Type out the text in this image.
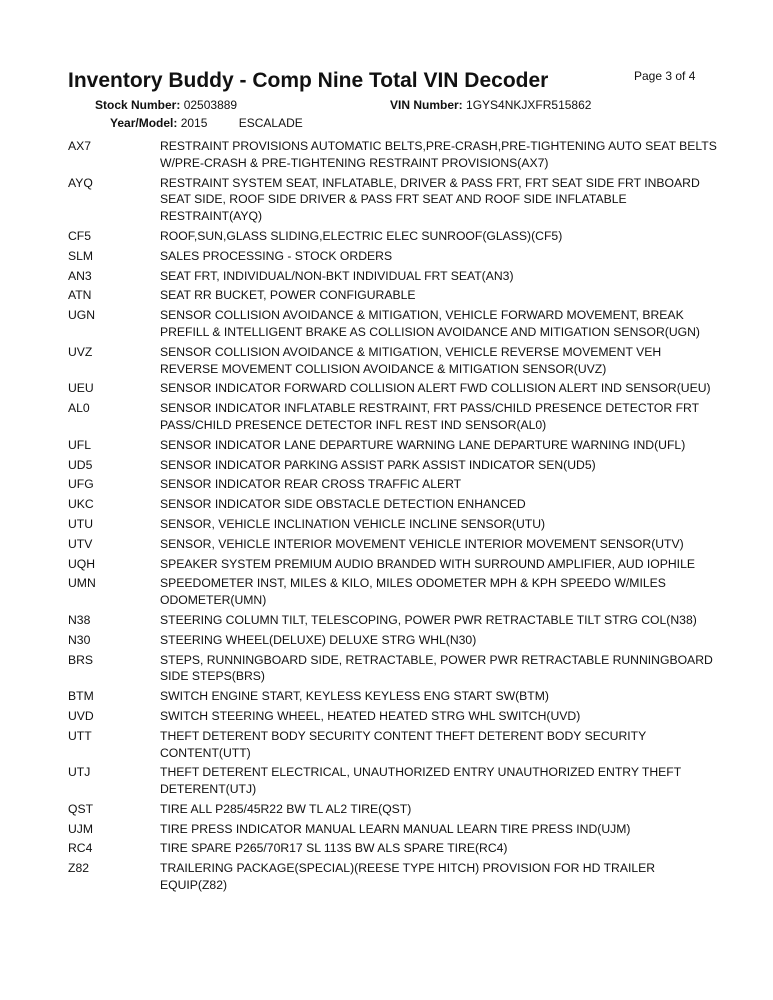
Inventory Buddy - Comp Nine Total VIN Decoder	Page 3 of 4
Stock Number: 02503889	VIN Number: 1GYS4NKJXFR515862
Year/Model: 2015	ESCALADE
AX7	RESTRAINT PROVISIONS AUTOMATIC BELTS,PRE-CRASH,PRE-TIGHTENING AUTO SEAT BELTS W/PRE-CRASH & PRE-TIGHTENING RESTRAINT PROVISIONS(AX7)
AYQ	RESTRAINT SYSTEM SEAT, INFLATABLE, DRIVER & PASS FRT, FRT SEAT SIDE FRT INBOARD SEAT SIDE, ROOF SIDE DRIVER & PASS FRT SEAT AND ROOF SIDE INFLATABLE RESTRAINT(AYQ)
CF5	ROOF,SUN,GLASS SLIDING,ELECTRIC ELEC SUNROOF(GLASS)(CF5)
SLM	SALES PROCESSING - STOCK ORDERS
AN3	SEAT FRT, INDIVIDUAL/NON-BKT INDIVIDUAL FRT SEAT(AN3)
ATN	SEAT RR BUCKET, POWER CONFIGURABLE
UGN	SENSOR COLLISION AVOIDANCE & MITIGATION, VEHICLE FORWARD MOVEMENT, BREAK PREFILL & INTELLIGENT BRAKE AS COLLISION AVOIDANCE AND MITIGATION SENSOR(UGN)
UVZ	SENSOR COLLISION AVOIDANCE & MITIGATION, VEHICLE REVERSE MOVEMENT VEH REVERSE MOVEMENT COLLISION AVOIDANCE & MITIGATION SENSOR(UVZ)
UEU	SENSOR INDICATOR FORWARD COLLISION ALERT FWD COLLISION ALERT IND SENSOR(UEU)
AL0	SENSOR INDICATOR INFLATABLE RESTRAINT, FRT PASS/CHILD PRESENCE DETECTOR FRT PASS/CHILD PRESENCE DETECTOR INFL REST IND SENSOR(AL0)
UFL	SENSOR INDICATOR LANE DEPARTURE WARNING LANE DEPARTURE WARNING IND(UFL)
UD5	SENSOR INDICATOR PARKING ASSIST PARK ASSIST INDICATOR SEN(UD5)
UFG	SENSOR INDICATOR REAR CROSS TRAFFIC ALERT
UKC	SENSOR INDICATOR SIDE OBSTACLE DETECTION ENHANCED
UTU	SENSOR, VEHICLE INCLINATION VEHICLE INCLINE SENSOR(UTU)
UTV	SENSOR, VEHICLE INTERIOR MOVEMENT VEHICLE INTERIOR MOVEMENT SENSOR(UTV)
UQH	SPEAKER SYSTEM PREMIUM AUDIO BRANDED WITH SURROUND AMPLIFIER, AUD IOPHILE
UMN	SPEEDOMETER INST, MILES & KILO, MILES ODOMETER MPH & KPH SPEEDO W/MILES ODOMETER(UMN)
N38	STEERING COLUMN TILT, TELESCOPING, POWER PWR RETRACTABLE TILT STRG COL(N38)
N30	STEERING WHEEL(DELUXE) DELUXE STRG WHL(N30)
BRS	STEPS, RUNNINGBOARD SIDE, RETRACTABLE, POWER PWR RETRACTABLE RUNNINGBOARD SIDE STEPS(BRS)
BTM	SWITCH ENGINE START, KEYLESS KEYLESS ENG START SW(BTM)
UVD	SWITCH STEERING WHEEL, HEATED HEATED STRG WHL SWITCH(UVD)
UTT	THEFT DETERENT BODY SECURITY CONTENT THEFT DETERENT BODY SECURITY CONTENT(UTT)
UTJ	THEFT DETERENT ELECTRICAL, UNAUTHORIZED ENTRY UNAUTHORIZED ENTRY THEFT DETERENT(UTJ)
QST	TIRE ALL P285/45R22 BW TL AL2 TIRE(QST)
UJM	TIRE PRESS INDICATOR MANUAL LEARN MANUAL LEARN TIRE PRESS IND(UJM)
RC4	TIRE SPARE P265/70R17 SL 113S BW ALS SPARE TIRE(RC4)
Z82	TRAILERING PACKAGE(SPECIAL)(REESE TYPE HITCH) PROVISION FOR HD TRAILER EQUIP(Z82)
